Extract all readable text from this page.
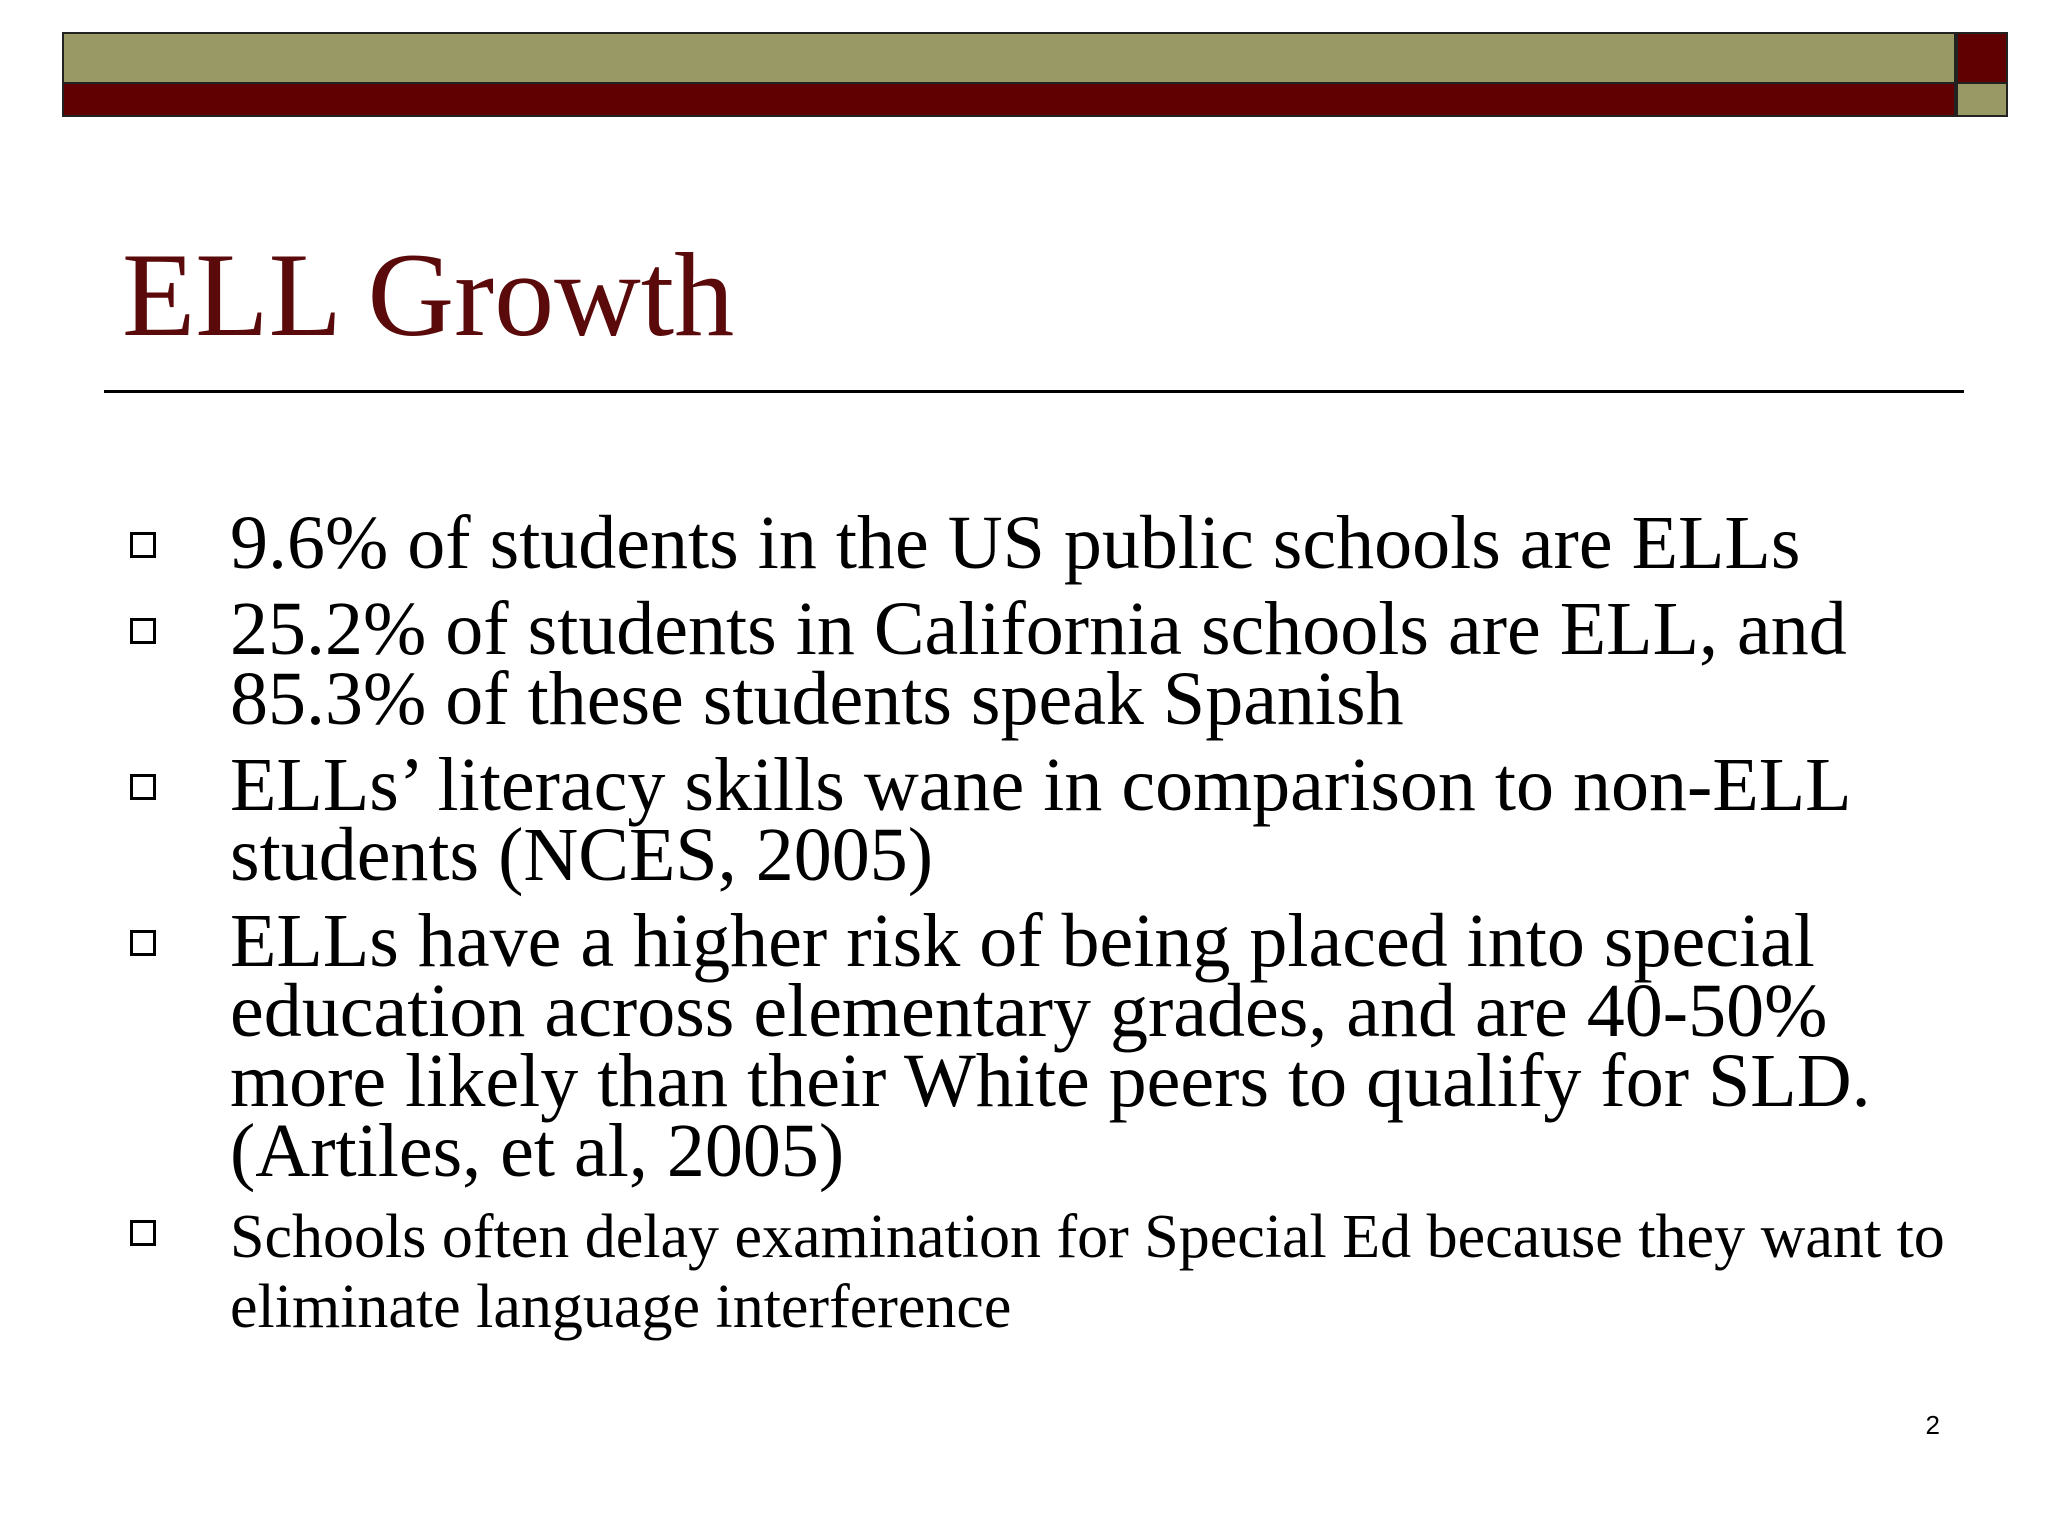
ELL Growth
9.6% of students in the US public schools are ELLs
25.2% of students in California schools are ELL, and 85.3% of these students speak Spanish
ELLs’ literacy skills wane in comparison to non-ELL students (NCES, 2005)
ELLs have a higher risk of being placed into special education across elementary grades, and are 40-50% more likely than their White peers to qualify for SLD. (Artiles, et al, 2005)
Schools often delay examination for Special Ed because they want to eliminate language interference
2
